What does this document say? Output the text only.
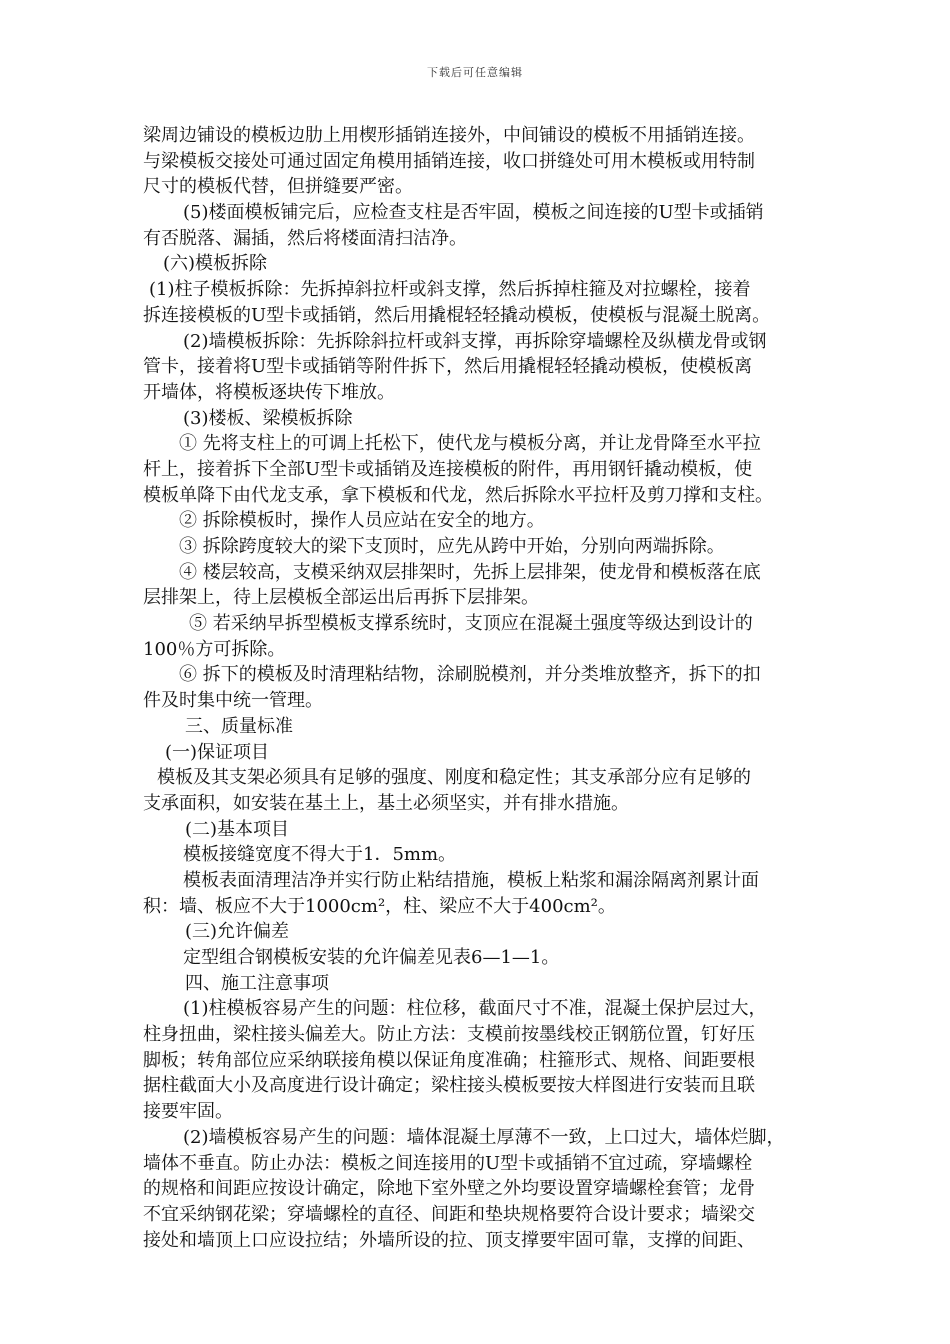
下载后可任意编辑
梁周边铺设的模板边肋上用楔形插销连接外，中间铺设的模板不用插销连接。
与梁模板交接处可通过固定角模用插销连接，收口拼缝处可用木模板或用特制
尺寸的模板代替，但拼缝要严密。
(5)楼面模板铺完后，应检查支柱是否牢固，模板之间连接的U型卡或插销
有否脱落、漏插，然后将楼面清扫洁净。
(六)模板拆除
(1)柱子模板拆除：先拆掉斜拉杆或斜支撑，然后拆掉柱箍及对拉螺栓，接着
拆连接模板的U型卡或插销，然后用撬棍轻轻撬动模板，使模板与混凝土脱离。
(2)墙模板拆除：先拆除斜拉杆或斜支撑，再拆除穿墙螺栓及纵横龙骨或钢
管卡，接着将U型卡或插销等附件拆下，然后用撬棍轻轻撬动模板，使模板离
开墙体，将模板逐块传下堆放。
(3)楼板、梁模板拆除
① 先将支柱上的可调上托松下，使代龙与模板分离，并让龙骨降至水平拉
杆上，接着拆下全部U型卡或插销及连接模板的附件，再用钢钎撬动模板，使
模板单降下由代龙支承，拿下模板和代龙，然后拆除水平拉杆及剪刀撑和支柱。
② 拆除模板时，操作人员应站在安全的地方。
③ 拆除跨度较大的梁下支顶时，应先从跨中开始，分别向两端拆除。
④ 楼层较高，支模采纳双层排架时，先拆上层排架，使龙骨和模板落在底
层排架上，待上层模板全部运出后再拆下层排架。
⑤ 若采纳早拆型模板支撑系统时，支顶应在混凝土强度等级达到设计的
100％方可拆除。
⑥ 拆下的模板及时清理粘结物，涂刷脱模剂，并分类堆放整齐，拆下的扣
件及时集中统一管理。
三、质量标准
(一)保证项目
模板及其支架必须具有足够的强度、刚度和稳定性；其支承部分应有足够的
支承面积，如安装在基土上，基土必须坚实，并有排水措施。
(二)基本项目
模板接缝宽度不得大于1．5mm。
模板表面清理洁净并实行防止粘结措施，模板上粘浆和漏涂隔离剂累计面
积：墙、板应不大于1000cm²，柱、梁应不大于400cm²。
(三)允许偏差
定型组合钢模板安装的允许偏差见表6—1—1。
四、施工注意事项
(1)柱模板容易产生的问题：柱位移，截面尺寸不准，混凝土保护层过大，
柱身扭曲，梁柱接头偏差大。防止方法：支模前按墨线校正钢筋位置，钉好压
脚板；转角部位应采纳联接角模以保证角度准确；柱箍形式、规格、间距要根
据柱截面大小及高度进行设计确定；梁柱接头模板要按大样图进行安装而且联
接要牢固。
(2)墙模板容易产生的问题：墙体混凝土厚薄不一致，上口过大，墙体烂脚，
墙体不垂直。防止办法：模板之间连接用的U型卡或插销不宜过疏，穿墙螺栓
的规格和间距应按设计确定，除地下室外壁之外均要设置穿墙螺栓套管；龙骨
不宜采纳钢花梁；穿墙螺栓的直径、间距和垫块规格要符合设计要求；墙梁交
接处和墙顶上口应设拉结；外墙所设的拉、顶支撑要牢固可靠，支撑的间距、
